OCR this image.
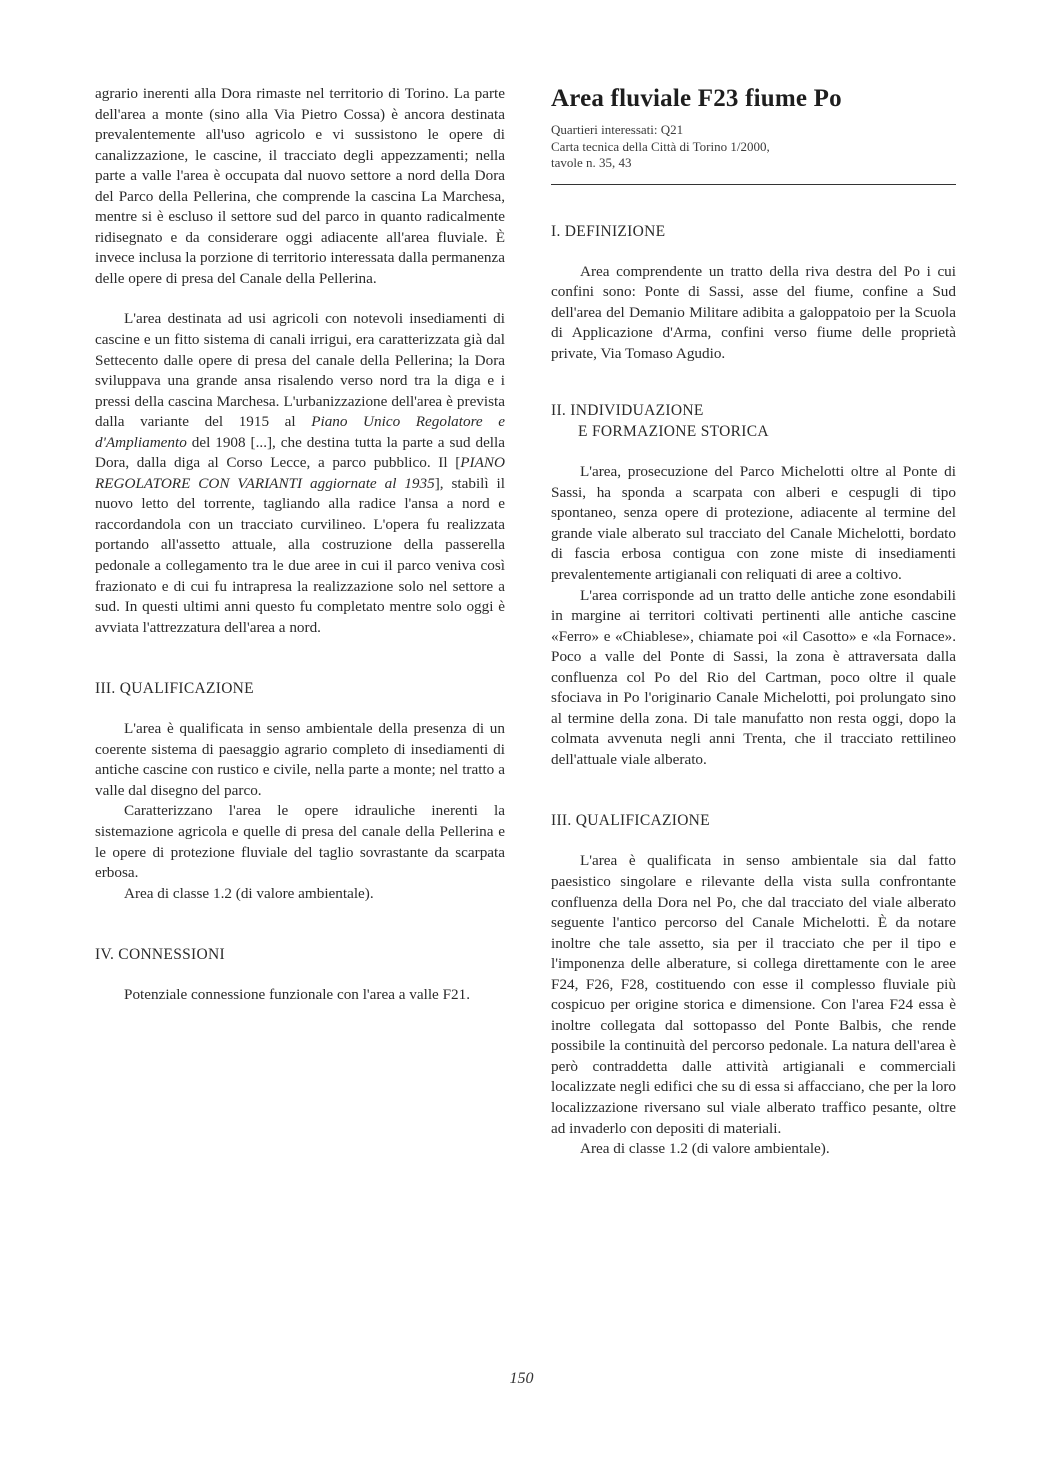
agrario inerenti alla Dora rimaste nel territorio di Torino. La parte dell'area a monte (sino alla Via Pietro Cossa) è ancora destinata prevalentemente all'uso agricolo e vi sussistono le opere di canalizzazione, le cascine, il tracciato degli appezzamenti; nella parte a valle l'area è occupata dal nuovo settore a nord della Dora del Parco della Pellerina, che comprende la cascina La Marchesa, mentre si è escluso il settore sud del parco in quanto radicalmente ridisegnato e da considerare oggi adiacente all'area fluviale. È invece inclusa la porzione di territorio interessata dalla permanenza delle opere di presa del Canale della Pellerina.

L'area destinata ad usi agricoli con notevoli insediamenti di cascine e un fitto sistema di canali irrigui, era caratterizzata già dal Settecento dalle opere di presa del canale della Pellerina; la Dora sviluppava una grande ansa risalendo verso nord tra la diga e i pressi della cascina Marchesa. L'urbanizzazione dell'area è prevista dalla variante del 1915 al Piano Unico Regolatore e d'Ampliamento del 1908 [...], che destina tutta la parte a sud della Dora, dalla diga al Corso Lecce, a parco pubblico. Il [PIANO REGOLATORE CON VARIANTI aggiornate al 1935], stabilì il nuovo letto del torrente, tagliando alla radice l'ansa a nord e raccordandola con un tracciato curvilineo. L'opera fu realizzata portando all'assetto attuale, alla costruzione della passerella pedonale a collegamento tra le due aree in cui il parco veniva così frazionato e di cui fu intrapresa la realizzazione solo nel settore a sud. In questi ultimi anni questo fu completato mentre solo oggi è avviata l'attrezzatura dell'area a nord.

III. QUALIFICAZIONE

L'area è qualificata in senso ambientale della presenza di un coerente sistema di paesaggio agrario completo di insediamenti di antiche cascine con rustico e civile, nella parte a monte; nel tratto a valle dal disegno del parco.

Caratterizzano l'area le opere idrauliche inerenti la sistemazione agricola e quelle di presa del canale della Pellerina e le opere di protezione fluviale del taglio sovrastante da scarpata erbosa.

Area di classe 1.2 (di valore ambientale).

IV. CONNESSIONI

Potenziale connessione funzionale con l'area a valle F21.

Area fluviale F23 fiume Po

Quartieri interessati: Q21

Carta tecnica della Città di Torino 1/2000,

tavole n. 35, 43

I. DEFINIZIONE

Area comprendente un tratto della riva destra del Po i cui confini sono: Ponte di Sassi, asse del fiume, confine a Sud dell'area del Demanio Militare adibita a galoppatoio per la Scuola di Applicazione d'Arma, confini verso fiume delle proprietà private, Via Tomaso Agudio.

II. INDIVIDUAZIONE
E FORMAZIONE STORICA

L'area, prosecuzione del Parco Michelotti oltre al Ponte di Sassi, ha sponda a scarpata con alberi e cespugli di tipo spontaneo, senza opere di protezione, adiacente al termine del grande viale alberato sul tracciato del Canale Michelotti, bordato di fascia erbosa contigua con zone miste di insediamenti prevalentemente artigianali con reliquati di aree a coltivo.

L'area corrisponde ad un tratto delle antiche zone esondabili in margine ai territori coltivati pertinenti alle antiche cascine «Ferro» e «Chiablese», chiamate poi «il Casotto» e «la Fornace». Poco a valle del Ponte di Sassi, la zona è attraversata dalla confluenza col Po del Rio del Cartman, poco oltre il quale sfociava in Po l'originario Canale Michelotti, poi prolungato sino al termine della zona. Di tale manufatto non resta oggi, dopo la colmata avvenuta negli anni Trenta, che il tracciato rettilineo dell'attuale viale alberato.

III. QUALIFICAZIONE

L'area è qualificata in senso ambientale sia dal fatto paesistico singolare e rilevante della vista sulla confrontante confluenza della Dora nel Po, che dal tracciato del viale alberato seguente l'antico percorso del Canale Michelotti. È da notare inoltre che tale assetto, sia per il tracciato che per il tipo e l'imponenza delle alberature, si collega direttamente con le aree F24, F26, F28, costituendo con esse il complesso fluviale più cospicuo per origine storica e dimensione. Con l'area F24 essa è inoltre collegata dal sottopasso del Ponte Balbis, che rende possibile la continuità del percorso pedonale. La natura dell'area è però contraddetta dalle attività artigianali e commerciali localizzate negli edifici che su di essa si affacciano, che per la loro localizzazione riversano sul viale alberato traffico pesante, oltre ad invaderlo con depositi di materiali.

Area di classe 1.2 (di valore ambientale).

150
